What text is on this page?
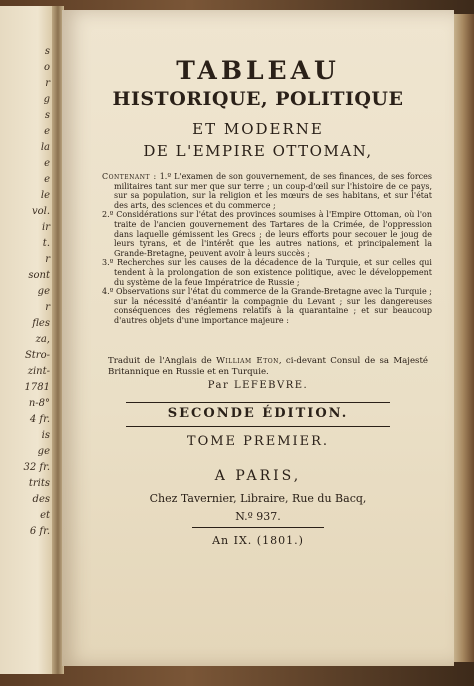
s
o
r
g
s
e
la
e
e
le
vol.
ir
t.
r
sont
ge
r
fles
za,
Stro-
zint-
1781
n-8°
4 fr.
is
ge
32 fr.
trits
des
et
6 fr.
TABLEAU
HISTORIQUE, POLITIQUE
ET MODERNE
DE L'EMPIRE OTTOMAN,

Contenant : 1.º L'examen de son gouvernement, de ses finances, de ses forces militaires tant sur mer que sur terre ; un coup-d'œil sur l'histoire de ce pays, sur sa population, sur la religion et les mœurs de ses habitans, et sur l'état des arts, des sciences et du commerce ;

2.º Considérations sur l'état des provinces soumises à l'Empire Ottoman, où l'on traite de l'ancien gouvernement des Tartares de la Crimée, de l'oppression dans laquelle gémissent les Grecs ; de leurs efforts pour secouer le joug de leurs tyrans, et de l'intérêt que les autres nations, et principalement la Grande-Bretagne, peuvent avoir à leurs succès ;

3.º Recherches sur les causes de la décadence de la Turquie, et sur celles qui tendent à la prolongation de son existence politique, avec le développement du système de la feue Impératrice de Russie ;

4.º Observations sur l'état du commerce de la Grande-Bretagne avec la Turquie ; sur la nécessité d'anéantir la compagnie du Levant ; sur les dangereuses conséquences des réglemens relatifs à la quarantaine ; et sur beaucoup d'autres objets d'une importance majeure :

Traduit de l'Anglais de William Eton, ci-devant Consul de sa Majesté Britannique en Russie et en Turquie.
Par LEFEBVRE.
SECONDE ÉDITION.
TOME PREMIER.
A PARIS,
Chez Tavernier, Libraire, Rue du Bacq,
N.º 937.
An IX. (1801.)
